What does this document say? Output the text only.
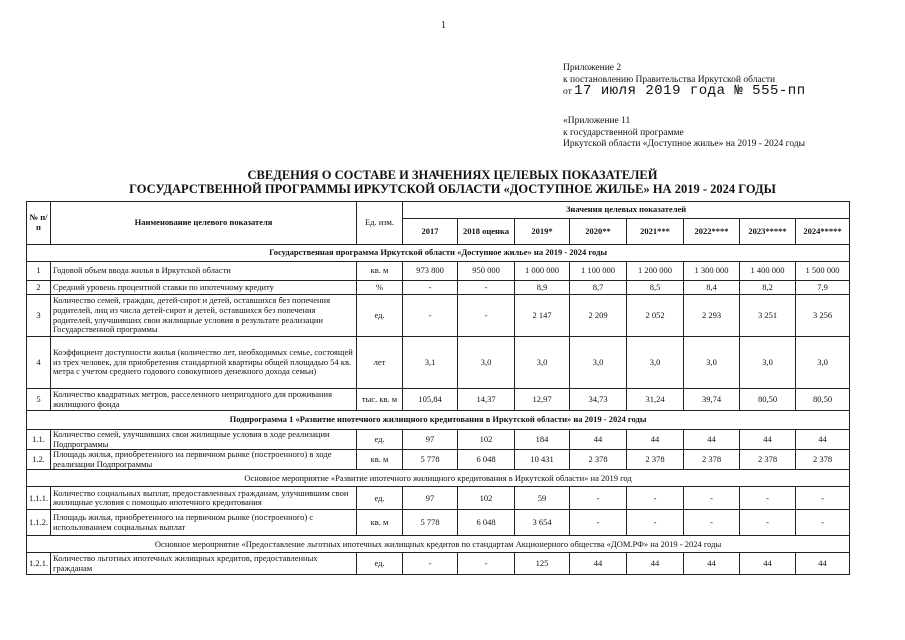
1
Приложение 2
к постановлению Правительства Иркутской области
от 17 июля 2019 года № 555-пп
«Приложение 11
к государственной программе
Иркутской области «Доступное жилье» на 2019 - 2024 годы
СВЕДЕНИЯ О СОСТАВЕ И ЗНАЧЕНИЯХ ЦЕЛЕВЫХ ПОКАЗАТЕЛЕЙ
ГОСУДАРСТВЕННОЙ ПРОГРАММЫ ИРКУТСКОЙ ОБЛАСТИ «ДОСТУПНОЕ ЖИЛЬЕ» НА 2019 - 2024 ГОДЫ
№ п/п	Наименование целевого показателя	Ед. изм.	Значения целевых показателей							
			2017	2018 оценка	2019*	2020**	2021***	2022****	2023*****	2024*****
Государственная программа Иркутской области «Доступное жилье» на 2019 - 2024 годы										
1	Годовой объем ввода жилья в Иркутской области	кв. м	973 800	950 000	1 000 000	1 100 000	1 200 000	1 300 000	1 400 000	1 500 000
2	Средний уровень процентной ставки по ипотечному кредиту	%	-	-	8,9	8,7	8,5	8,4	8,2	7,9
3	Количество семей, граждан, детей-сирот и детей, оставшихся без попечения родителей, лиц из числа детей-сирот и детей, оставшихся без попечения родителей, улучшивших свои жилищные условия в результате реализации Государственной программы	ед.	-	-	2 147	2 209	2 052	2 293	3 251	3 256
4	Коэффициент доступности жилья (количество лет, необходимых семье, состоящей из трех человек, для приобретения стандартной квартиры общей площадью 54 кв. метра с учетом среднего годового совокупного денежного дохода семьи)	лет	3,1	3,0	3,0	3,0	3,0	3,0	3,0	3,0
5	Количество квадратных метров, расселенного непригодного для проживания жилищного фонда	тыс. кв. м	105,84	14,37	12,97	34,73	31,24	39,74	80,50	80,50
Подпрограмма 1 «Развитие ипотечного жилищного кредитования в Иркутской области» на 2019 - 2024 годы										
1.1.	Количество семей, улучшивших свои жилищные условия в ходе реализации Подпрограммы	ед.	97	102	184	44	44	44	44	44
1.2.	Площадь жилья, приобретенного на первичном рынке (построенного) в ходе реализации Подпрограммы	кв. м	5 778	6 048	10 431	2 378	2 378	2 378	2 378	2 378
Основное мероприятие «Развитие ипотечного жилищного кредитования в Иркутской области» на 2019 год										
1.1.1.	Количество социальных выплат, предоставленных гражданам, улучшившим свои жилищные условия с помощью ипотечного кредитования	ед.	97	102	59	-	-	-	-	-
1.1.2.	Площадь жилья, приобретенного на первичном рынке (построенного) с использованием социальных выплат	кв. м	5 778	6 048	3 654	-	-	-	-	-
Основное мероприятие «Предоставление льготных ипотечных жилищных кредитов по стандартам Акционерного общества «ДОМ.РФ» на 2019 - 2024 годы										
1.2.1.	Количество льготных ипотечных жилищных кредитов, предоставленных гражданам	ед.	-	-	125	44	44	44	44	44
